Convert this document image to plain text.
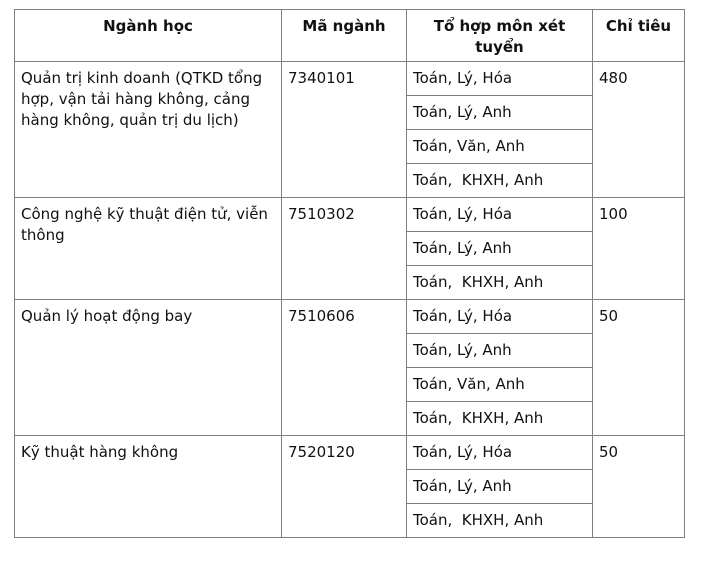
Ngành học	Mã ngành	Tổ hợp môn xét tuyển	Chỉ tiêu
Quản trị kinh doanh (QTKD tổng hợp, vận tải hàng không, cảng hàng không, quản trị du lịch)	7340101	Toán, Lý, Hóa	480
		Toán, Lý, Anh	
		Toán, Văn, Anh	
		Toán,  KHXH, Anh	
Công nghệ kỹ thuật điện tử, viễn thông	7510302	Toán, Lý, Hóa	100
		Toán, Lý, Anh	
		Toán,  KHXH, Anh	
Quản lý hoạt động bay	7510606	Toán, Lý, Hóa	50
		Toán, Lý, Anh	
		Toán, Văn, Anh	
		Toán,  KHXH, Anh	
Kỹ thuật hàng không	7520120	Toán, Lý, Hóa	50
		Toán, Lý, Anh	
		Toán,  KHXH, Anh	
